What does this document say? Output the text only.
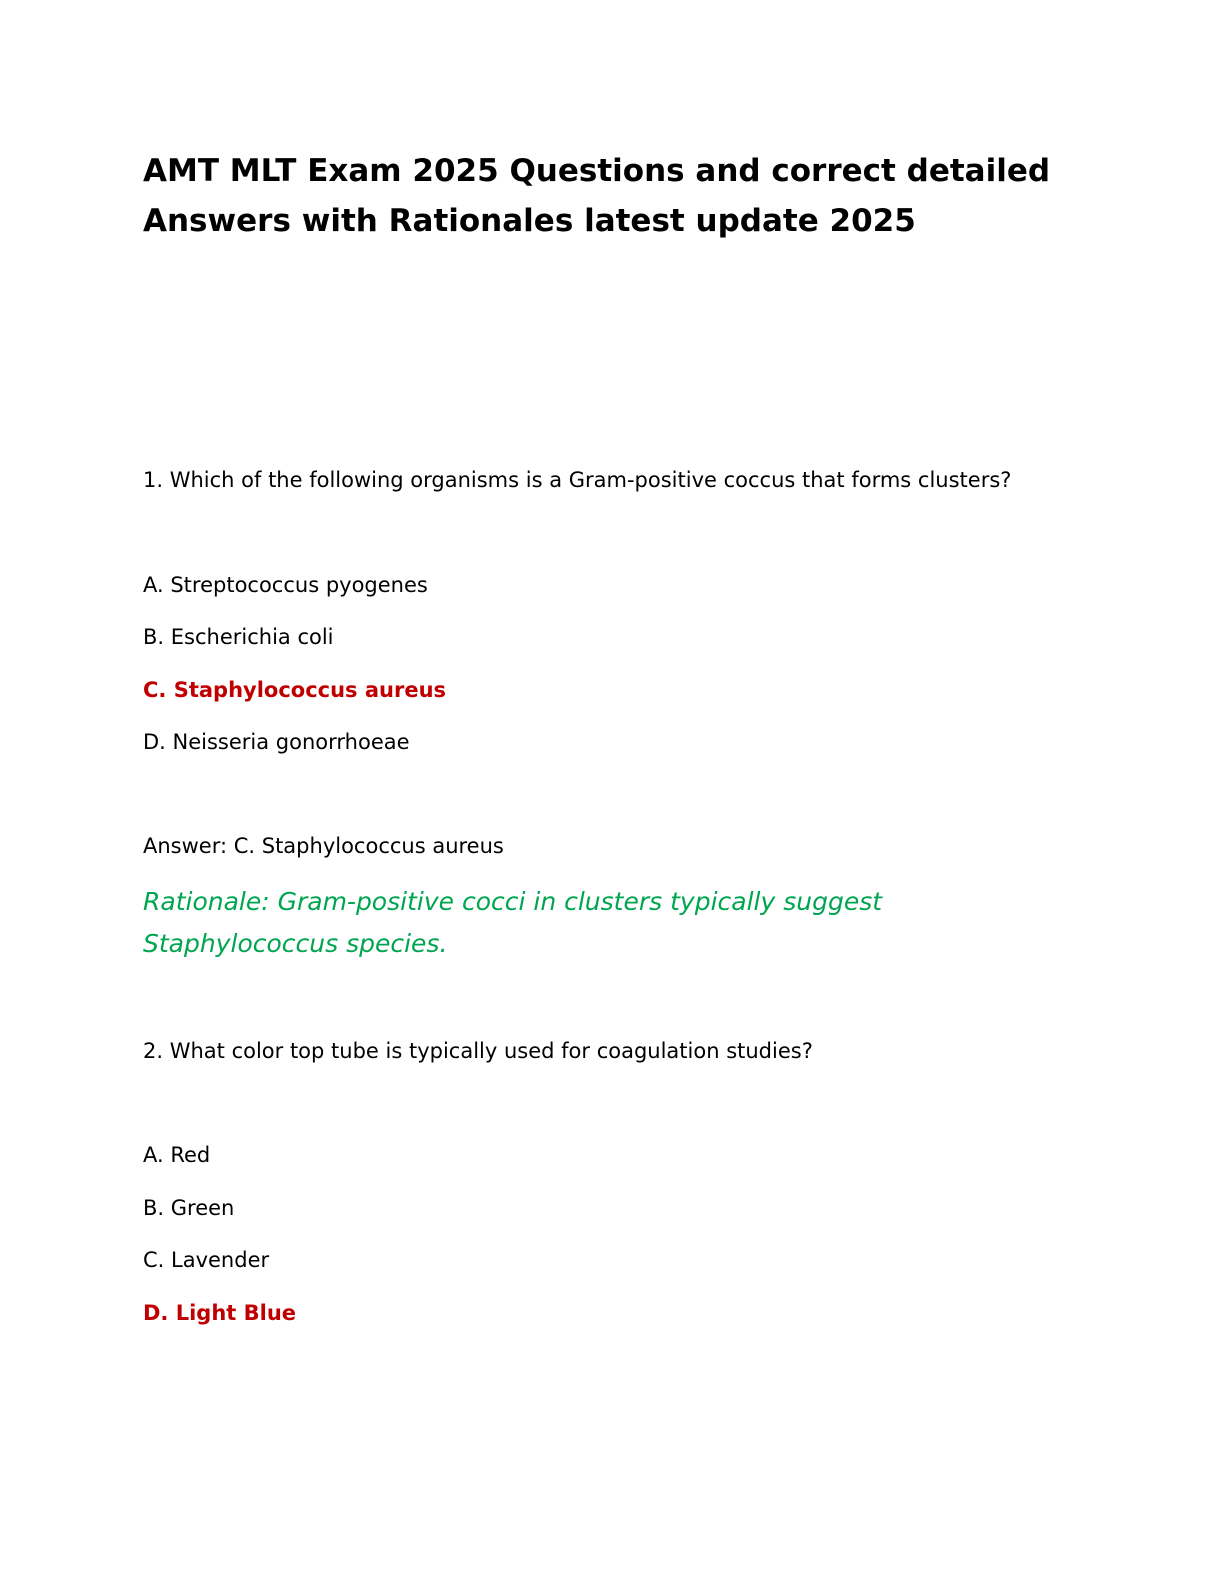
AMT MLT Exam 2025 Questions and correct detailed Answers with Rationales latest update 2025

1. Which of the following organisms is a Gram-positive coccus that forms clusters?

A. Streptococcus pyogenes

B. Escherichia coli

C. Staphylococcus aureus

D. Neisseria gonorrhoeae

Answer: C. Staphylococcus aureus

Rationale: Gram-positive cocci in clusters typically suggest Staphylococcus species.

2. What color top tube is typically used for coagulation studies?

A. Red

B. Green

C. Lavender

D. Light Blue
